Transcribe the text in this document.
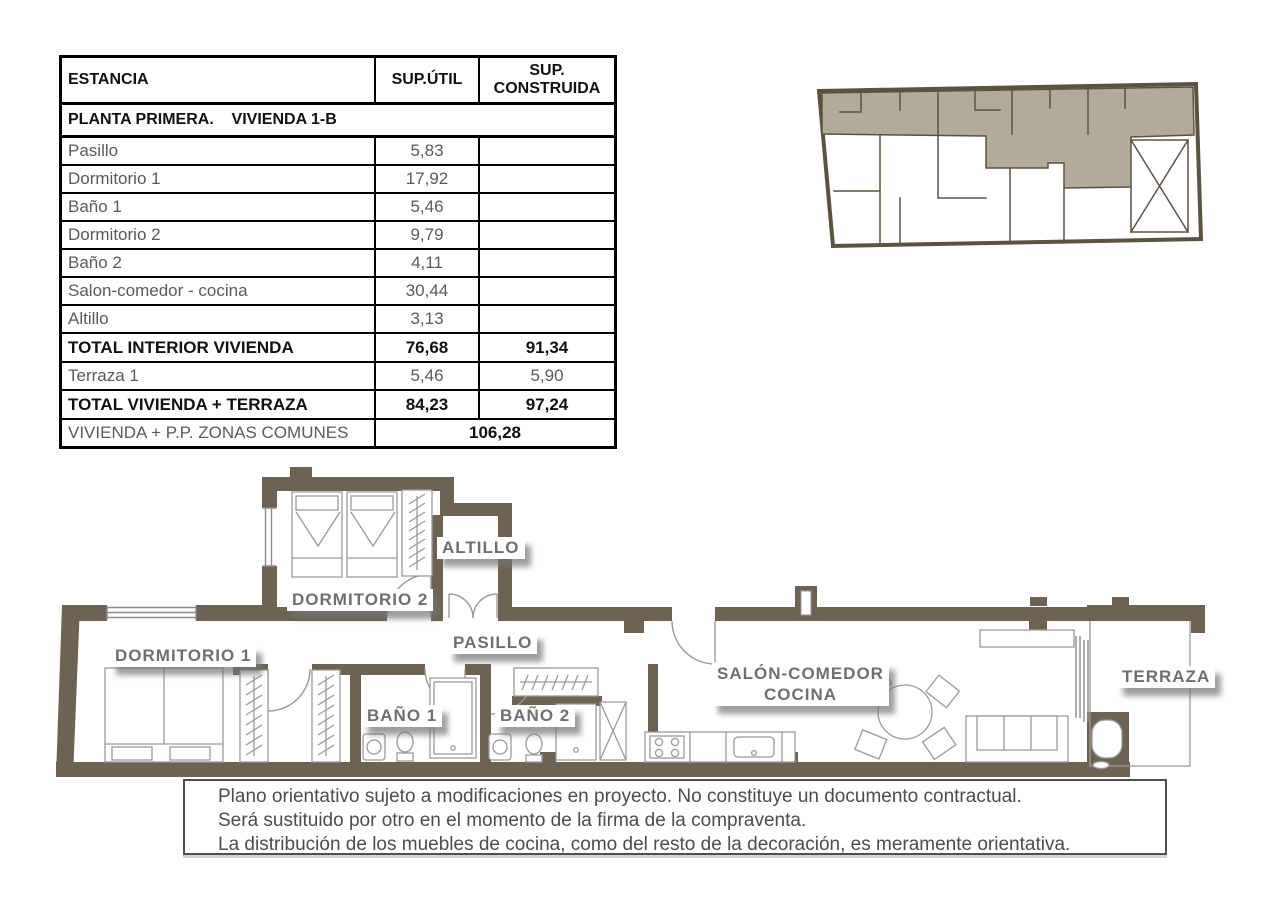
DORMITORIO 1
DORMITORIO 2
ALTILLO
PASILLO
BAÑO 1	BAÑO 2
SALÓN-COMEDOR
COCINA
TERRAZA
ESTANCIA	SUP.ÚTIL	SUP.
CONSTRUIDA
PLANTA PRIMERA.    VIVIENDA 1-B		
Pasillo	5,83	
Dormitorio 1	17,92	
Baño 1	5,46	
Dormitorio 2	9,79	
Baño 2	4,11	
Salon-comedor - cocina	30,44	
Altillo	3,13	
TOTAL INTERIOR VIVIENDA	76,68	91,34
Terraza 1	5,46	5,90
TOTAL VIVIENDA + TERRAZA	84,23	97,24
VIVIENDA + P.P. ZONAS COMUNES	106,28	
Plano orientativo sujeto a modificaciones en proyecto. No constituye un documento contractual.
Será sustituido por otro en el momento de la firma de la compraventa.
La distribución de los muebles de cocina, como del resto de la decoración, es meramente orientativa.
